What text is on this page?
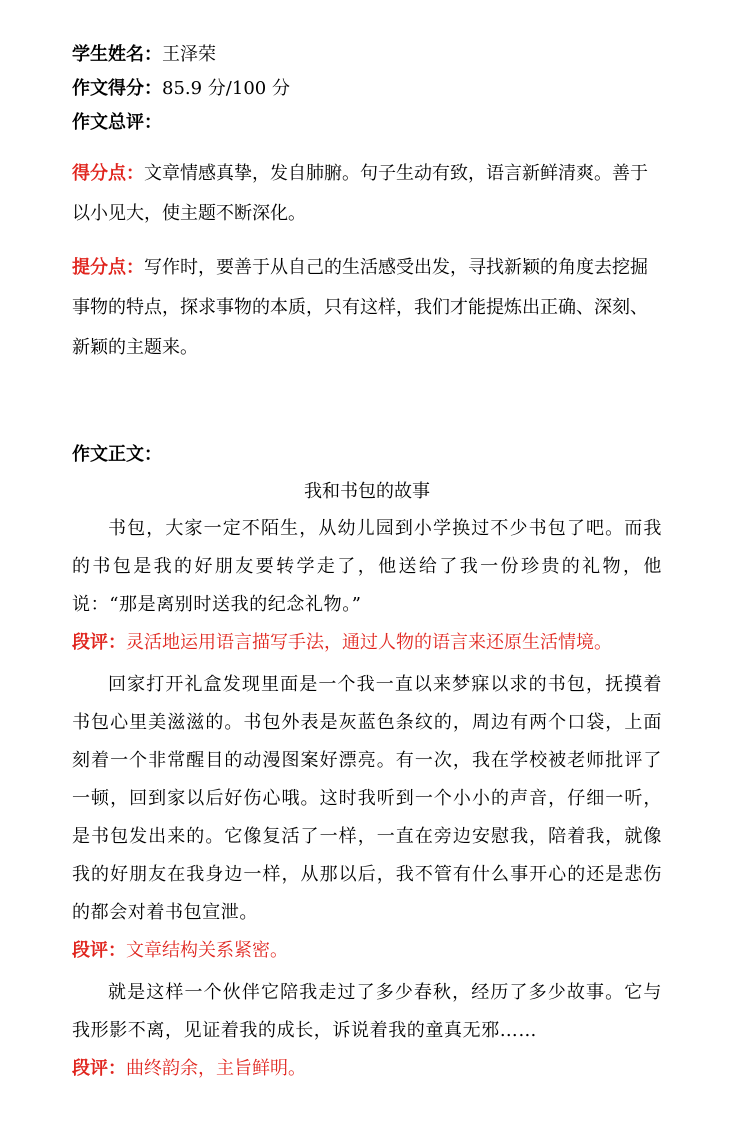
学生姓名：王泽荣

作文得分：85.9 分/100 分

作文总评：

得分点：文章情感真挚，发自肺腑。句子生动有致，语言新鲜清爽。善于以小见大，使主题不断深化。

提分点：写作时，要善于从自己的生活感受出发，寻找新颖的角度去挖掘事物的特点，探求事物的本质，只有这样，我们才能提炼出正确、深刻、新颖的主题来。

作文正文：

我和书包的故事

书包，大家一定不陌生，从幼儿园到小学换过不少书包了吧。而我的书包是我的好朋友要转学走了，他送给了我一份珍贵的礼物，他说：“那是离别时送我的纪念礼物。”

段评：灵活地运用语言描写手法，通过人物的语言来还原生活情境。

回家打开礼盒发现里面是一个我一直以来梦寐以求的书包，抚摸着书包心里美滋滋的。书包外表是灰蓝色条纹的，周边有两个口袋，上面刻着一个非常醒目的动漫图案好漂亮。有一次，我在学校被老师批评了一顿，回到家以后好伤心哦。这时我听到一个小小的声音，仔细一听，是书包发出来的。它像复活了一样，一直在旁边安慰我，陪着我，就像我的好朋友在我身边一样，从那以后，我不管有什么事开心的还是悲伤的都会对着书包宣泄。

段评：文章结构关系紧密。

就是这样一个伙伴它陪我走过了多少春秋，经历了多少故事。它与我形影不离，见证着我的成长，诉说着我的童真无邪……

段评：曲终韵余，主旨鲜明。
